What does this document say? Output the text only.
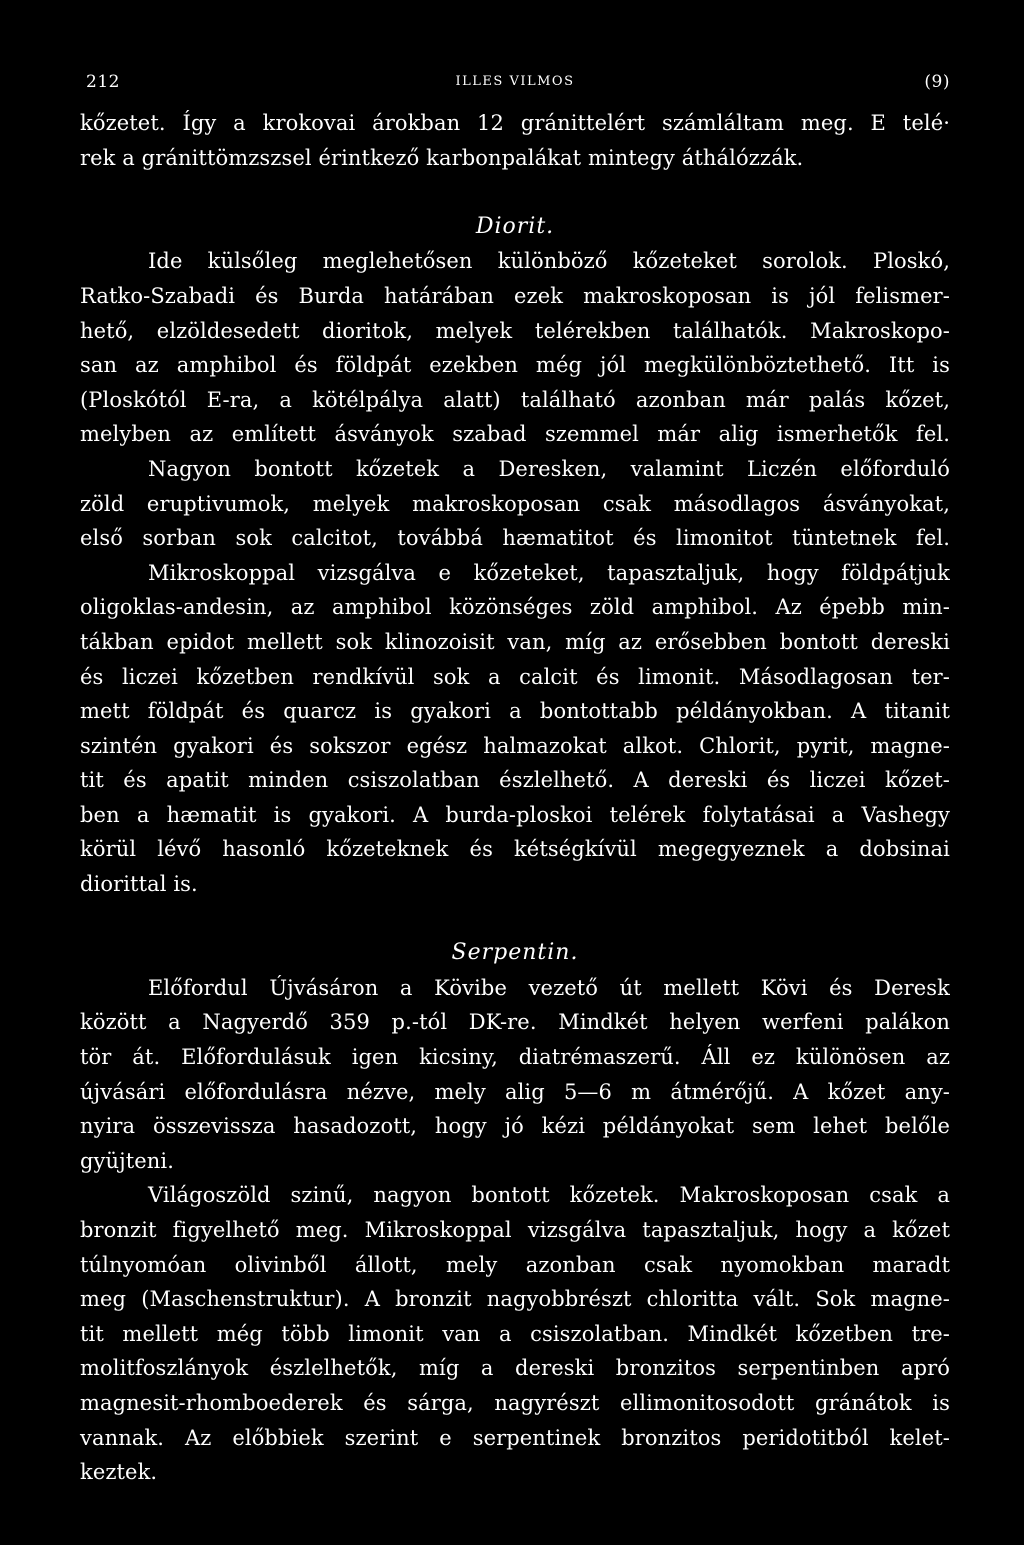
212	ILLES VILMOS	(9)
kőzetet. Így a krokovai árokban 12 gránittelért számláltam meg. E telé·
rek a gránittömzszsel érintkező karbonpalákat mintegy áthálózzák.
Diorit.
Ide külsőleg meglehetősen különböző kőzeteket sorolok. Ploskó,
Ratko-Szabadi és Burda határában ezek makroskoposan is jól felismer-
hető, elzöldesedett dioritok, melyek telérekben találhatók. Makroskopo-
san az amphibol és földpát ezekben még jól megkülönböztethető. Itt is
(Ploskótól E-ra, a kötélpálya alatt) található azonban már palás kőzet,
melyben az említett ásványok szabad szemmel már alig ismerhetők fel.
Nagyon bontott kőzetek a Deresken, valamint Liczén előforduló
zöld eruptivumok, melyek makroskoposan csak másodlagos ásványokat,
első sorban sok calcitot, továbbá hæmatitot és limonitot tüntetnek fel.
Mikroskoppal vizsgálva e kőzeteket, tapasztaljuk, hogy földpátjuk
oligoklas-andesin, az amphibol közönséges zöld amphibol. Az épebb min-
tákban epidot mellett sok klinozoisit van, míg az erősebben bontott dereski
és liczei kőzetben rendkívül sok a calcit és limonit. Másodlagosan ter-
mett földpát és quarcz is gyakori a bontottabb példányokban. A titanit
szintén gyakori és sokszor egész halmazokat alkot. Chlorit, pyrit, magne-
tit és apatit minden csiszolatban észlelhető. A dereski és liczei kőzet-
ben a hæmatit is gyakori. A burda-ploskoi telérek folytatásai a Vashegy
körül lévő hasonló kőzeteknek és kétségkívül megegyeznek a dobsinai
diorittal is.
Serpentin.
Előfordul Újvásáron a Kövibe vezető út mellett Kövi és Deresk
között a Nagyerdő 359 p.-tól DK-re. Mindkét helyen werfeni palákon
tör át. Előfordulásuk igen kicsiny, diatrémaszerű. Áll ez különösen az
újvásári előfordulásra nézve, mely alig 5—6 m átmérőjű. A kőzet any-
nyira összevissza hasadozott, hogy jó kézi példányokat sem lehet belőle
gyüjteni.
Világoszöld szinű, nagyon bontott kőzetek. Makroskoposan csak a
bronzit figyelhető meg. Mikroskoppal vizsgálva tapasztaljuk, hogy a kőzet
túlnyomóan olivinből állott, mely azonban csak nyomokban maradt
meg (Maschenstruktur). A bronzit nagyobbrészt chloritta vált. Sok magne-
tit mellett még több limonit van a csiszolatban. Mindkét kőzetben tre-
molitfoszlányok észlelhetők, míg a dereski bronzitos serpentinben apró
magnesit-rhomboederek és sárga, nagyrészt ellimonitosodott gránátok is
vannak. Az előbbiek szerint e serpentinek bronzitos peridotitból kelet-
keztek.
